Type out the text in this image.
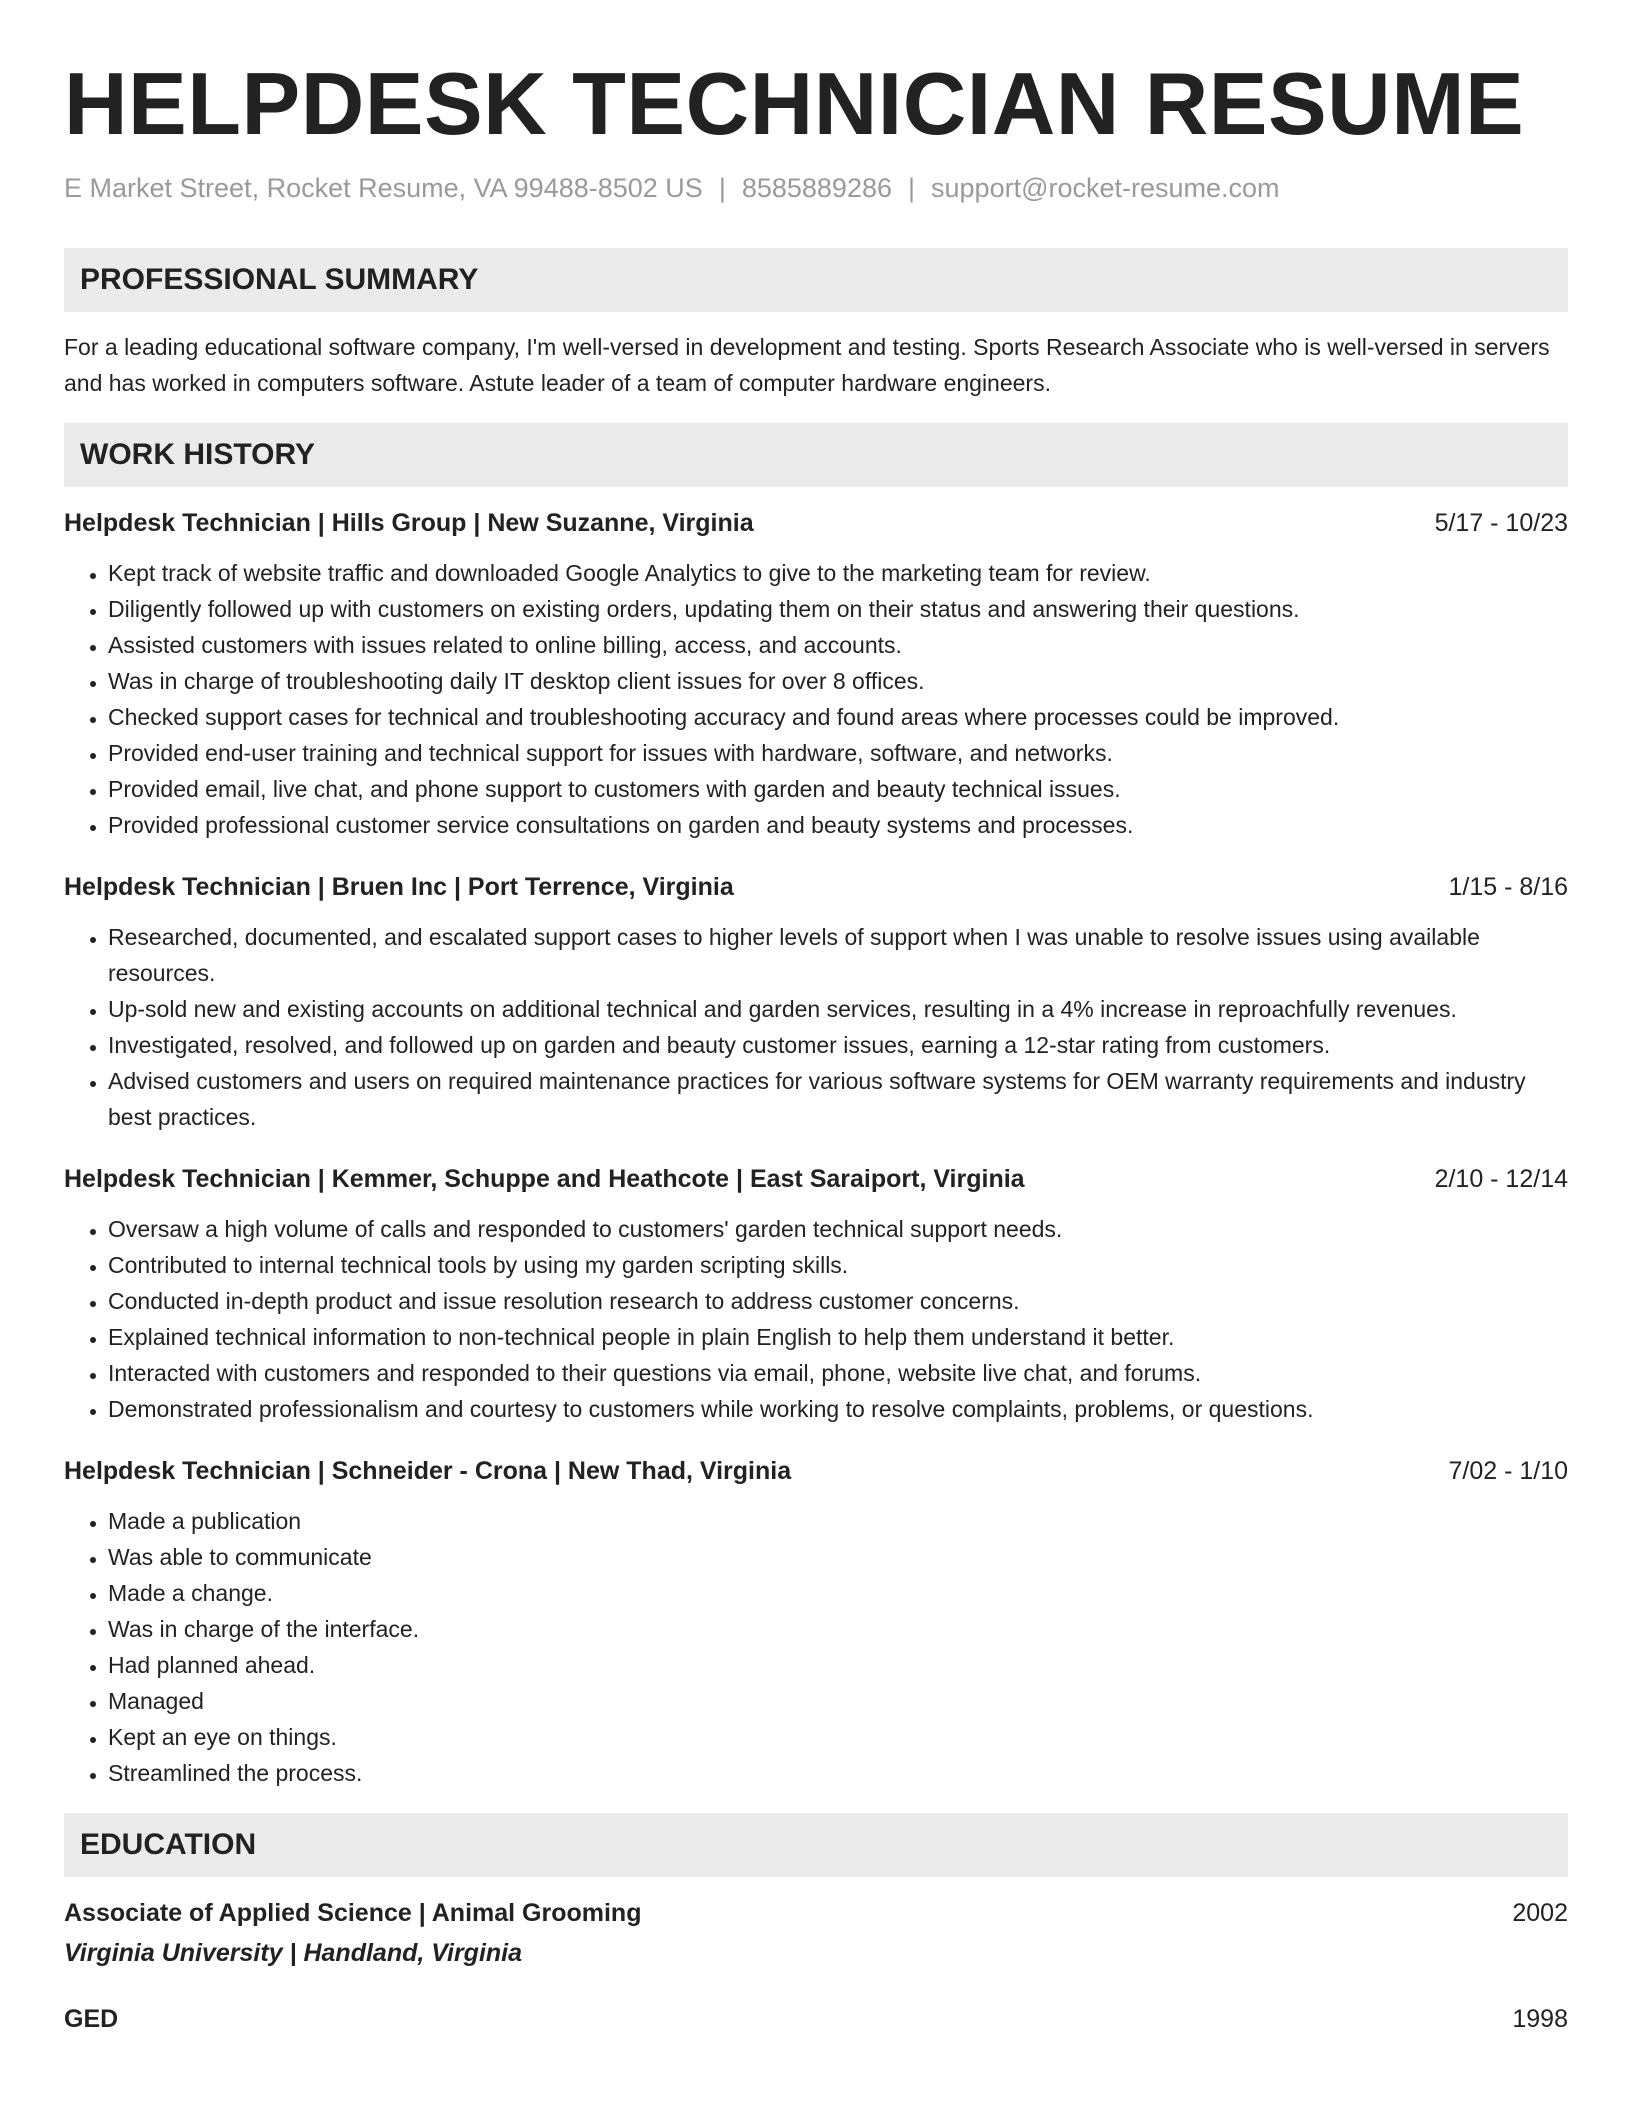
HELPDESK TECHNICIAN RESUME
E Market Street, Rocket Resume, VA 99488-8502 US | 8585889286 | support@rocket-resume.com
PROFESSIONAL SUMMARY

For a leading educational software company, I'm well-versed in development and testing. Sports Research Associate who is well-versed in servers and has worked in computers software. Astute leader of a team of computer hardware engineers.

WORK HISTORY
Helpdesk Technician | Hills Group | New Suzanne, Virginia	5/17 - 10/23
• Kept track of website traffic and downloaded Google Analytics to give to the marketing team for review.
• Diligently followed up with customers on existing orders, updating them on their status and answering their questions.
• Assisted customers with issues related to online billing, access, and accounts.
• Was in charge of troubleshooting daily IT desktop client issues for over 8 offices.
• Checked support cases for technical and troubleshooting accuracy and found areas where processes could be improved.
• Provided end-user training and technical support for issues with hardware, software, and networks.
• Provided email, live chat, and phone support to customers with garden and beauty technical issues.
• Provided professional customer service consultations on garden and beauty systems and processes.
Helpdesk Technician | Bruen Inc | Port Terrence, Virginia	1/15 - 8/16
• Researched, documented, and escalated support cases to higher levels of support when I was unable to resolve issues using available resources.
• Up-sold new and existing accounts on additional technical and garden services, resulting in a 4% increase in reproachfully revenues.
• Investigated, resolved, and followed up on garden and beauty customer issues, earning a 12-star rating from customers.
• Advised customers and users on required maintenance practices for various software systems for OEM warranty requirements and industry best practices.
Helpdesk Technician | Kemmer, Schuppe and Heathcote | East Saraiport, Virginia	2/10 - 12/14
• Oversaw a high volume of calls and responded to customers' garden technical support needs.
• Contributed to internal technical tools by using my garden scripting skills.
• Conducted in-depth product and issue resolution research to address customer concerns.
• Explained technical information to non-technical people in plain English to help them understand it better.
• Interacted with customers and responded to their questions via email, phone, website live chat, and forums.
• Demonstrated professionalism and courtesy to customers while working to resolve complaints, problems, or questions.
Helpdesk Technician | Schneider - Crona | New Thad, Virginia	7/02 - 1/10
• Made a publication
• Was able to communicate
• Made a change.
• Was in charge of the interface.
• Had planned ahead.
• Managed
• Kept an eye on things.
• Streamlined the process.
EDUCATION
Associate of Applied Science | Animal Grooming	2002
Virginia University | Handland, Virginia
GED	1998
